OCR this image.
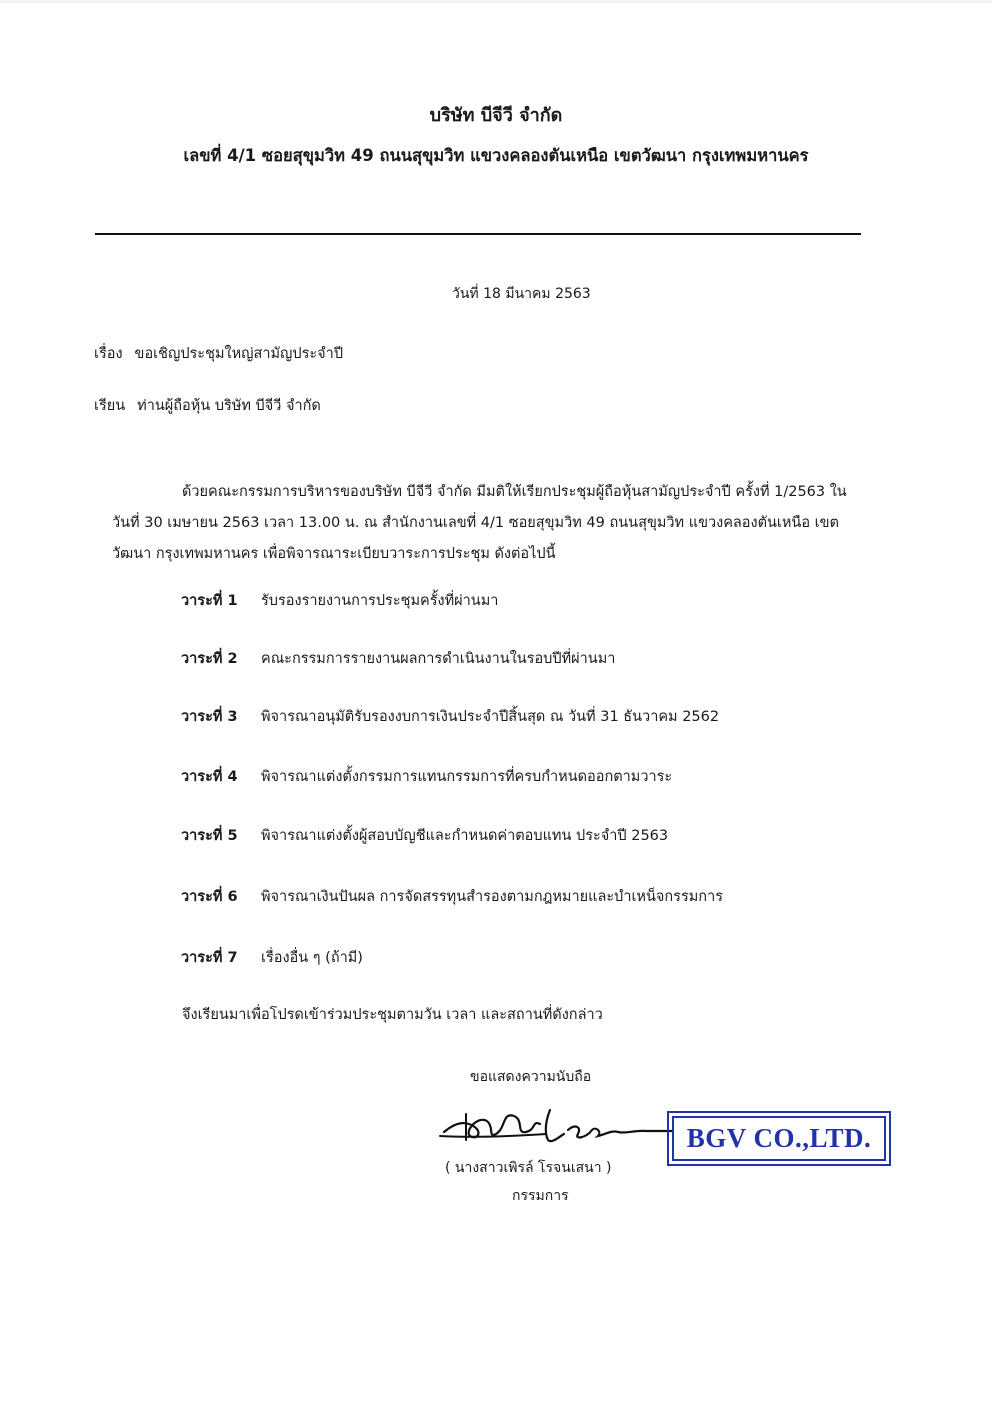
บริษัท บีจีวี จำกัด
เลขที่ 4/1 ซอยสุขุมวิท 49 ถนนสุขุมวิท แขวงคลองตันเหนือ เขตวัฒนา กรุงเทพมหานคร
วันที่ 18 มีนาคม 2563
เรื่อง ขอเชิญประชุมใหญ่สามัญประจำปี
เรียน ท่านผู้ถือหุ้น บริษัท บีจีวี จำกัด
ด้วยคณะกรรมการบริหารของบริษัท บีจีวี จำกัด มีมติให้เรียกประชุมผู้ถือหุ้นสามัญประจำปี ครั้งที่ 1/2563 ใน
วันที่ 30 เมษายน 2563 เวลา 13.00 น. ณ สำนักงานเลขที่ 4/1 ซอยสุขุมวิท 49 ถนนสุขุมวิท แขวงคลองตันเหนือ เขต
วัฒนา กรุงเทพมหานคร เพื่อพิจารณาระเบียบวาระการประชุม ดังต่อไปนี้
วาระที่ 1 รับรองรายงานการประชุมครั้งที่ผ่านมา
วาระที่ 2 คณะกรรมการรายงานผลการดำเนินงานในรอบปีที่ผ่านมา
วาระที่ 3 พิจารณาอนุมัติรับรองงบการเงินประจำปีสิ้นสุด ณ วันที่ 31 ธันวาคม 2562
วาระที่ 4 พิจารณาแต่งตั้งกรรมการแทนกรรมการที่ครบกำหนดออกตามวาระ
วาระที่ 5 พิจารณาแต่งตั้งผู้สอบบัญชีและกำหนดค่าตอบแทน ประจำปี 2563
วาระที่ 6 พิจารณาเงินปันผล การจัดสรรทุนสำรองตามกฎหมายและบำเหน็จกรรมการ
วาระที่ 7 เรื่องอื่น ๆ (ถ้ามี)
จึงเรียนมาเพื่อโปรดเข้าร่วมประชุมตามวัน เวลา และสถานที่ดังกล่าว
ขอแสดงความนับถือ
BGV CO.,LTD.
( นางสาวเพิรล์ โรจนเสนา )
กรรมการ
